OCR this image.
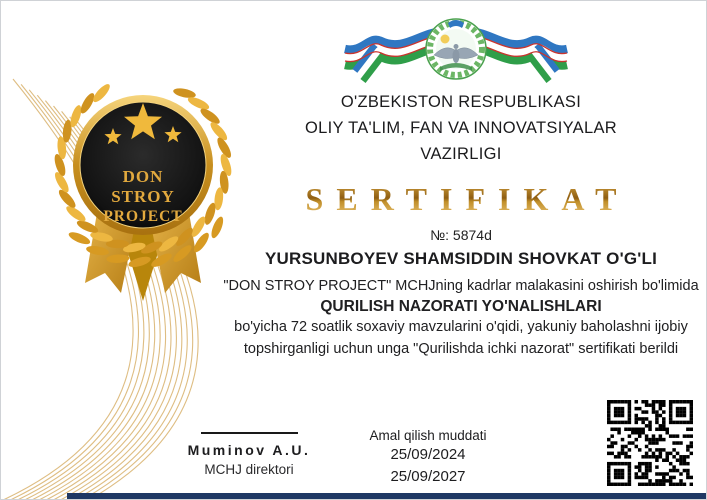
DON
STROY
PROJECT
O'ZBEKISTON RESPUBLIKASI
OLIY TA'LIM, FAN VA INNOVATSIYALAR
VAZIRLIGI
SERTIFIKAT
№: 5874d
YURSUNBOYEV SHAMSIDDIN SHOVKAT O'G'LI
"DON STROY PROJECT" MCHJning kadrlar malakasini oshirish bo'limida
QURILISH NAZORATI YO'NALISHLARI
bo'yicha 72 soatlik soxaviy mavzularini o'qidi, yakuniy baholashni ijobiy
topshirganligi uchun unga "Qurilishda ichki nazorat" sertifikati berildi
Muminov A.U.
MCHJ direktori
Amal qilish muddati
25/09/2024
25/09/2027
